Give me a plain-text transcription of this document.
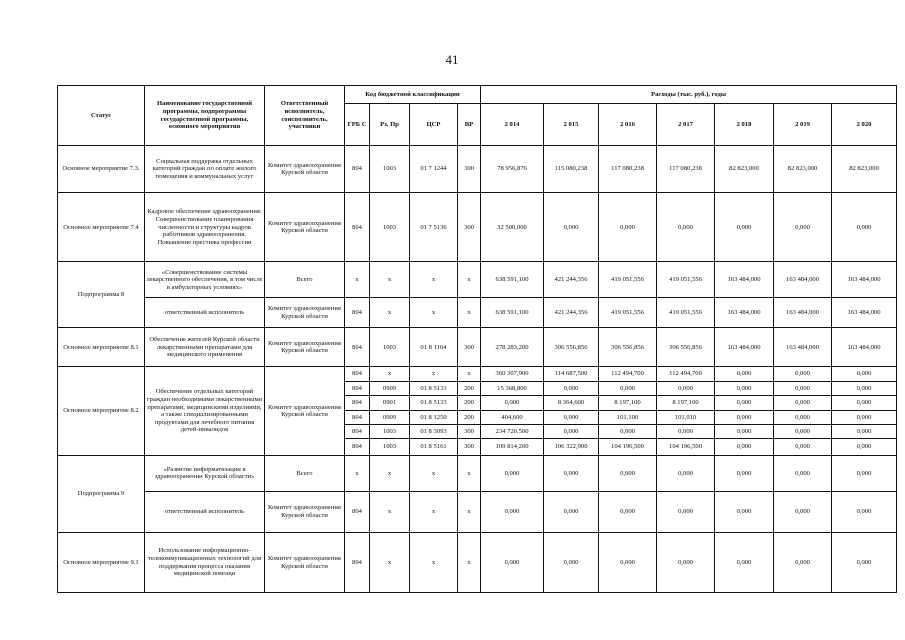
41
Статус	Наименование государственной программы, подпрограммы государственной программы, основного мероприятия	Ответственный исполнитель, соисполнитель, участники	Код бюджетной классификации				Расходы (тыс. руб.), годы						
			ГРБ С	Рз, Пр	ЦСР	ВР	2 014	2 015	2 016	2 017	2 018	2 019	2 020
Основное мероприятие 7.3.	Социальная поддержка отдельных категорий граждан по оплате жилого помещения и коммунальных услуг	Комитет здравоохранения Курской области	804	1003	01 7 1244	300	78 956,876	115 080,238	117 080,238	117 080,238	82 823,000	82 823,000	82 823,000
Основное мероприятие 7.4	Кадровое обеспечение здравоохранения. Совершенствование планирования численности и структуры кадров работников здравоохранения. Повышение престижа профессии	Комитет здравоохранения Курской области	804	1003	01 7 5136	300	32 500,000	0,000	0,000	0,000	0,000	0,000	0,000
Подпрограмма 8	«Совершенствование системы лекарственного обеспечения, в том числе в амбулаторных условиях»	Всего	х	х	х	х	638 591,100	421 244,356	419 051,556	419 051,556	163 484,000	163 484,000	163 484,000
	ответственный исполнитель	Комитет здравоохранения Курской области	804	х	х	х	638 591,100	421 244,356	419 051,556	419 051,556	163 484,000	163 484,000	163 484,000
Основное мероприятие 8.1	Обеспечение жителей Курской области лекарственными препаратами для медицинского применения	Комитет здравоохранения Курской области	804	1003	01 8 1104	300	278 283,200	306 556,856	306 556,856	306 556,856	163 484,000	163 484,000	163 484,000
Основное мероприятие 8.2	Обеспечение отдельных категорий граждан необходимыми лекарственными препаратами, медицинскими изделиями, а также специализированными продуктами для лечебного питания детей-инвалидов	Комитет здравоохранения Курской области	804	х	х	х	360 307,900	114 687,500	112 494,700	112 494,700	0,000	0,000	0,000
			804	0909	01 8 5133	200	15 368,800	0,000	0,000	0,000	0,000	0,000	0,000
			804	0901	01 8 5133	200	0,000	8 364,600	8 197,100	8 197,100	0,000	0,000	0,000
			804	0909	01 8 1250	200	404,600	0,000	101,100	101,010	0,000	0,000	0,000
			804	1003	01 8 3093	300	234 720,500	0,000	0,000	0,000	0,000	0,000	0,000
			804	1003	01 8 5161	300	109 814,200	106 322,900	104 196,500	104 196,500	0,000	0,000	0,000
Подпрограмма 9	«Развитие информатизации в здравоохранении Курской области»	Всего	х	х	х	х	0,000	0,000	0,000	0,000	0,000	0,000	0,000
	ответственный исполнитель	Комитет здравоохранения Курской области	804	х	х	х	0,000	0,000	0,000	0,000	0,000	0,000	0,000
Основное мероприятие 9.1	Использование информационно-телекоммуникационных технологий для поддержания процесса оказания медицинской помощи	Комитет здравоохранения Курской области	804	х	х	х	0,000	0,000	0,000	0,000	0,000	0,000	0,000
